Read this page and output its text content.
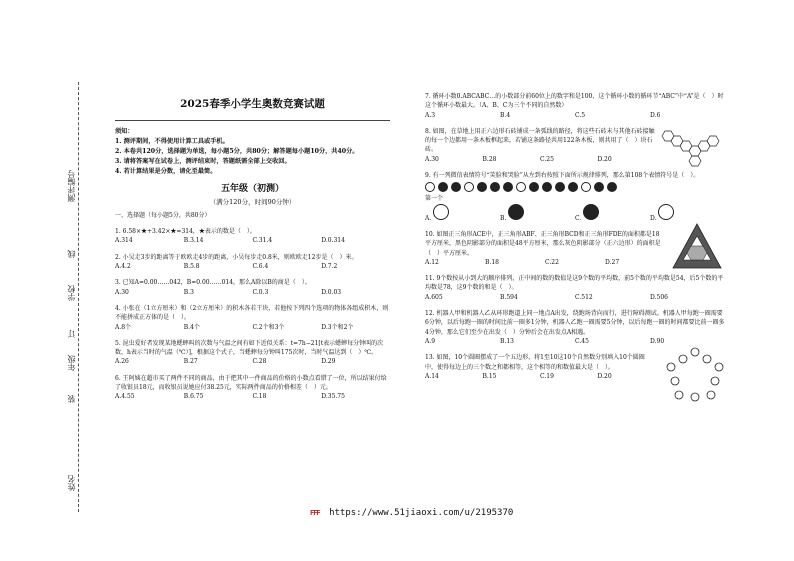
测评编号
线
学校
订
年级
装
姓名
2025春季小学生奥数竞赛试题

须知：

1. 测评期间，不得使用计算工具或手机。

2. 本卷共120分，选择题为单选，每小题5分，共80分；解答题每小题10分，共40分。

3. 请将答案写在试卷上，测评结束时，答题纸需全部上交收回。

4. 若计算结果是分数，请化至最简。

五年级（初测）
（满分120分，时间90分钟）

一、选择题（每小题5分，共80分）

1. 6.58×★+3.42×★=314，★表示的数是（　）。

A.314	B.3.14	C.31.4	D.0.314

2. 小吴走3步的距离等于欧欧走4步的距离，小吴每步走0.8米，则欧欧走12步是（　）米。

A.4.2	B.5.8	C.6.4	D.7.2

3. 已知A=0.00……042，B=0.00……014，那么A除以B的商是（　）。

A.30	B.3	C.0.3	D.0.03

4. 小张在（1立方厘米）和（2立方厘米）的积木各若干块，若他按下列四个选项的物体各组成积木，则不能拼成正方体的是（　）。

A.8个	B.4个	C.2个和3个	D.3个和2个

5. 昆虫爱好者发现某地蟋蟀叫的次数与气温之间有如下近似关系：t=7h−21[t表示蟋蟀每分钟叫的次数，h表示当时的气温（℃）]，根据这个式子，当蟋蟀每分钟叫175次时，当时气温达到（　）℃。

A.26	B.27	C.28	D.29

6. 王阿姨在超市买了两件不同的商品，由于把其中一件商品的价格的小数点看错了一位，所以结果付给了收银员18元，而收银员说她应付38.25元，实际两件商品的价格相差（　）元。

A.4.55	B.6.75	C.18	D.35.75

7. 循环小数0.ABCABC…的小数部分前60位上的数字和是100，这个循环小数的循环节“ABC”中“A”是（　）时这个循环小数最大。（A、B、C为三个不同的自然数）

A.3	B.4	C.5	D.6

8. 如图，在草地上用正六边形石砖铺成一条弧线的路径，将这些石砖未与其他石砖接触的每一个边都用一条木板框起来，若铺这条路径共用122条木板，则共用了（　）块石砖。

A.30	B.28	C.25	D.20

9. 有一列微信表情符号“笑脸和哭脸”从左到右按照下面所示规律排列，那么第108个表情符号是（　）。

第一个

A.	B.	C.	D.

10. 如图正三角形ACE中，正三角形ABF、正三角形BCD和正三角形FDE的面积都是18平方厘米，黑色阴影部分的面积是48平方厘米，那么灰色阴影部分（正六边形）的面积是（　）平方厘米。

A.12	B.18	C.22	D.27

11. 9个数按从小到大的顺序排列，正中间的数的数值是这9个数的平均数，前5个数的平均数是54，后5个数的平均数是78，这9个数的和是（　）。

A.605	B.594	C.512	D.506

12. 机器人甲和机器人乙从环形跑道上同一地点A出发，绕跑场背向而行，进行障碍测试。机器人甲每跑一圈需要6分钟，以后每跑一圈的时间比前一圈多1分钟，机器人乙跑一圈需要5分钟，以后每跑一圈的时间都要比前一圈多4分钟，那么它们至少在出发（　）分钟后会在出发点A相遇。

A.9	B.13	C.45	D.90

13. 如图，10个圆圈摆成了一个五边形，将1至10这10个自然数分别填入10个圆圈中，使得每边上的三个数之和都相等，这个相等的和数值最大是（　）。

A.14	B.15	C.19	D.20
FFF https://www.51jiaoxi.com/u/2195370
